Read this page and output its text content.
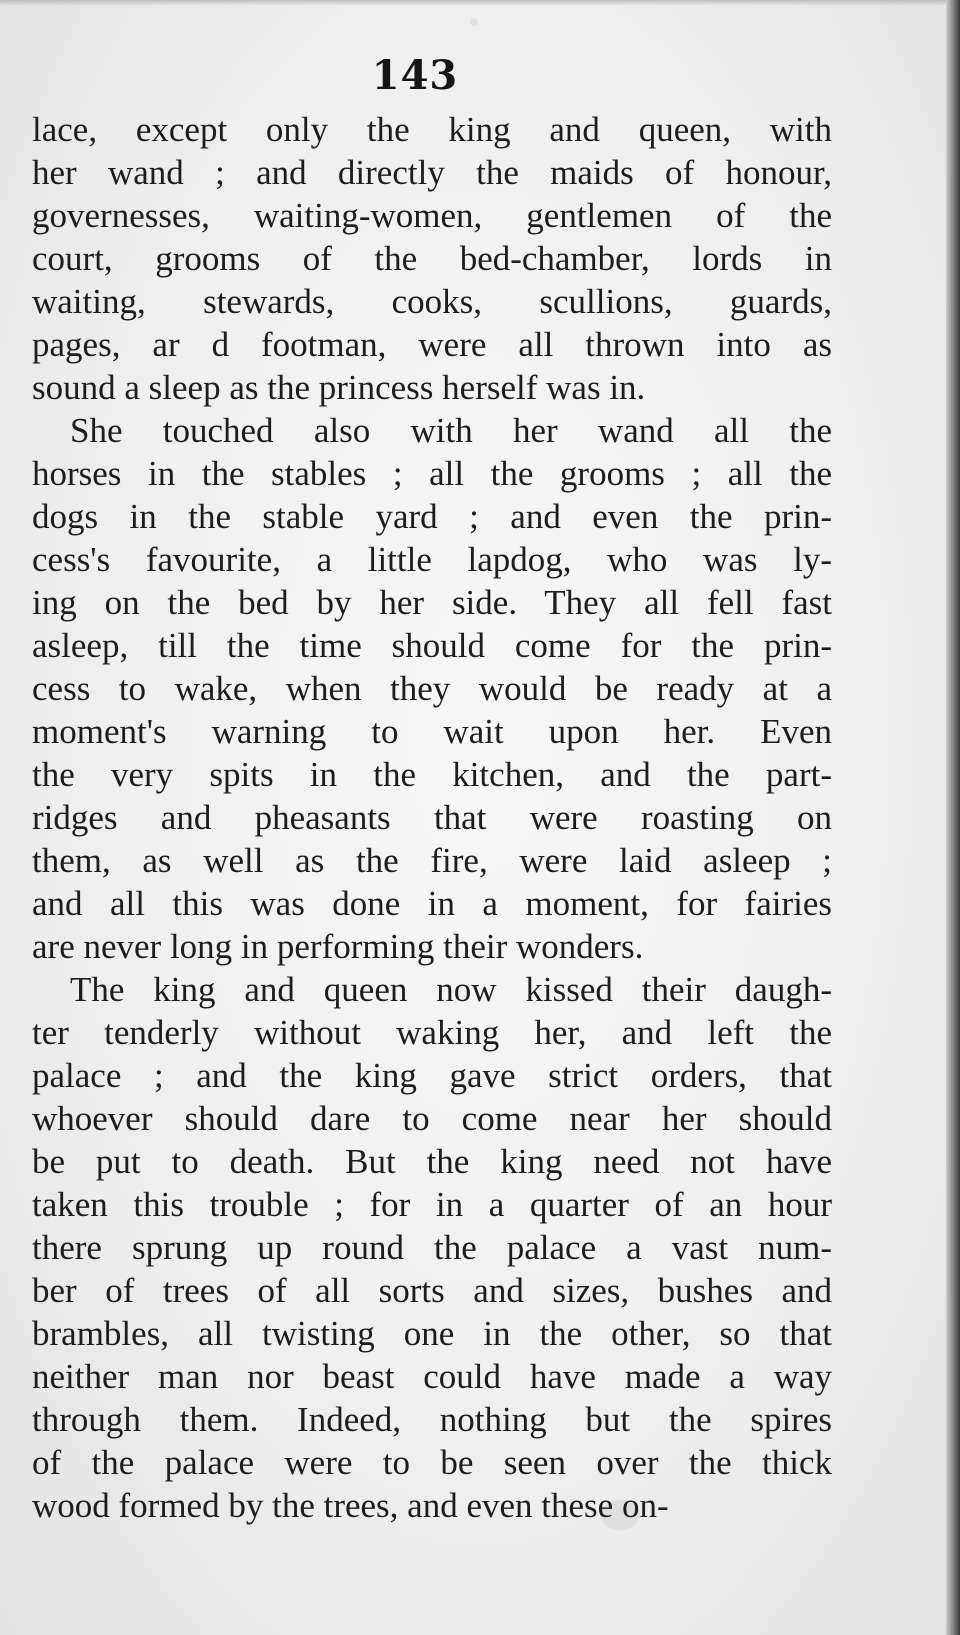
143
lace, except only the king and queen, with
her wand ; and directly the maids of honour,
governesses, waiting-women, gentlemen of the
court, grooms of the bed-chamber, lords in
waiting, stewards, cooks, scullions, guards,
pages, ar d footman, were all thrown into as
sound a sleep as the princess herself was in.
She touched also with her wand all the
horses in the stables ; all the grooms ; all the
dogs in the stable yard ; and even the prin-
cess's favourite, a little lapdog, who was ly-
ing on the bed by her side. They all fell fast
asleep, till the time should come for the prin-
cess to wake, when they would be ready at a
moment's warning to wait upon her. Even
the very spits in the kitchen, and the part-
ridges and pheasants that were roasting on
them, as well as the fire, were laid asleep ;
and all this was done in a moment, for fairies
are never long in performing their wonders.
The king and queen now kissed their daugh-
ter tenderly without waking her, and left the
palace ; and the king gave strict orders, that
whoever should dare to come near her should
be put to death. But the king need not have
taken this trouble ; for in a quarter of an hour
there sprung up round the palace a vast num-
ber of trees of all sorts and sizes, bushes and
brambles, all twisting one in the other, so that
neither man nor beast could have made a way
through them. Indeed, nothing but the spires
of the palace were to be seen over the thick
wood formed by the trees, and even these on-
